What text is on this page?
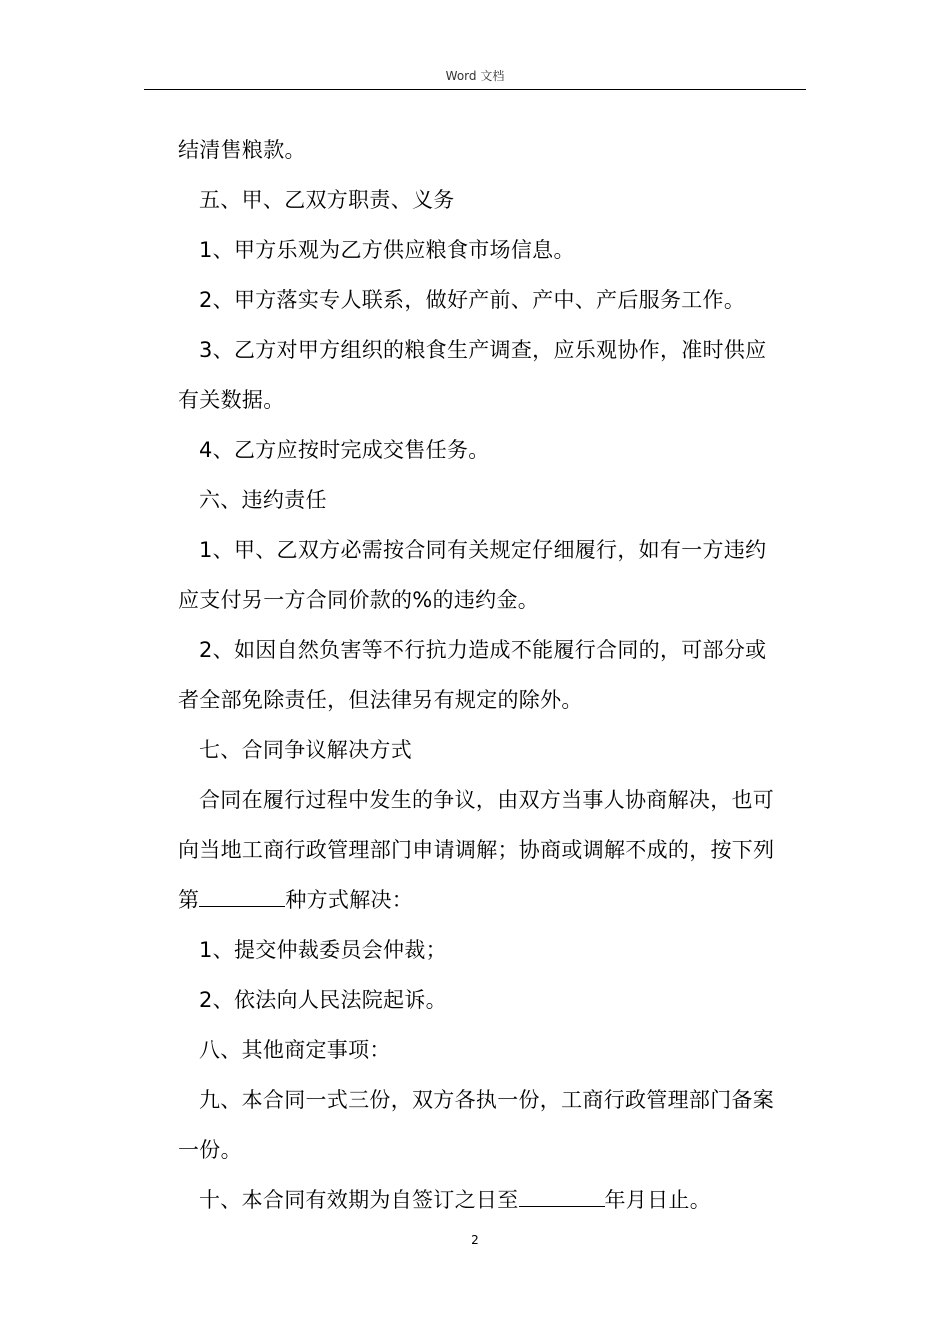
Word 文档
结清售粮款。
五、甲、乙双方职责、义务
1、甲方乐观为乙方供应粮食市场信息。
2、甲方落实专人联系，做好产前、产中、产后服务工作。
3、乙方对甲方组织的粮食生产调查，应乐观协作，准时供应
有关数据。
4、乙方应按时完成交售任务。
六、违约责任
1、甲、乙双方必需按合同有关规定仔细履行，如有一方违约
应支付另一方合同价款的%的违约金。
2、如因自然负害等不行抗力造成不能履行合同的，可部分或
者全部免除责任，但法律另有规定的除外。
七、合同争议解决方式
合同在履行过程中发生的争议，由双方当事人协商解决，也可
向当地工商行政管理部门申请调解；协商或调解不成的，按下列
第	种方式解决：
1、提交仲裁委员会仲裁；
2、依法向人民法院起诉。
八、其他商定事项：
九、本合同一式三份，双方各执一份，工商行政管理部门备案
一份。
十、本合同有效期为自签订之日至	年月日止。
2
